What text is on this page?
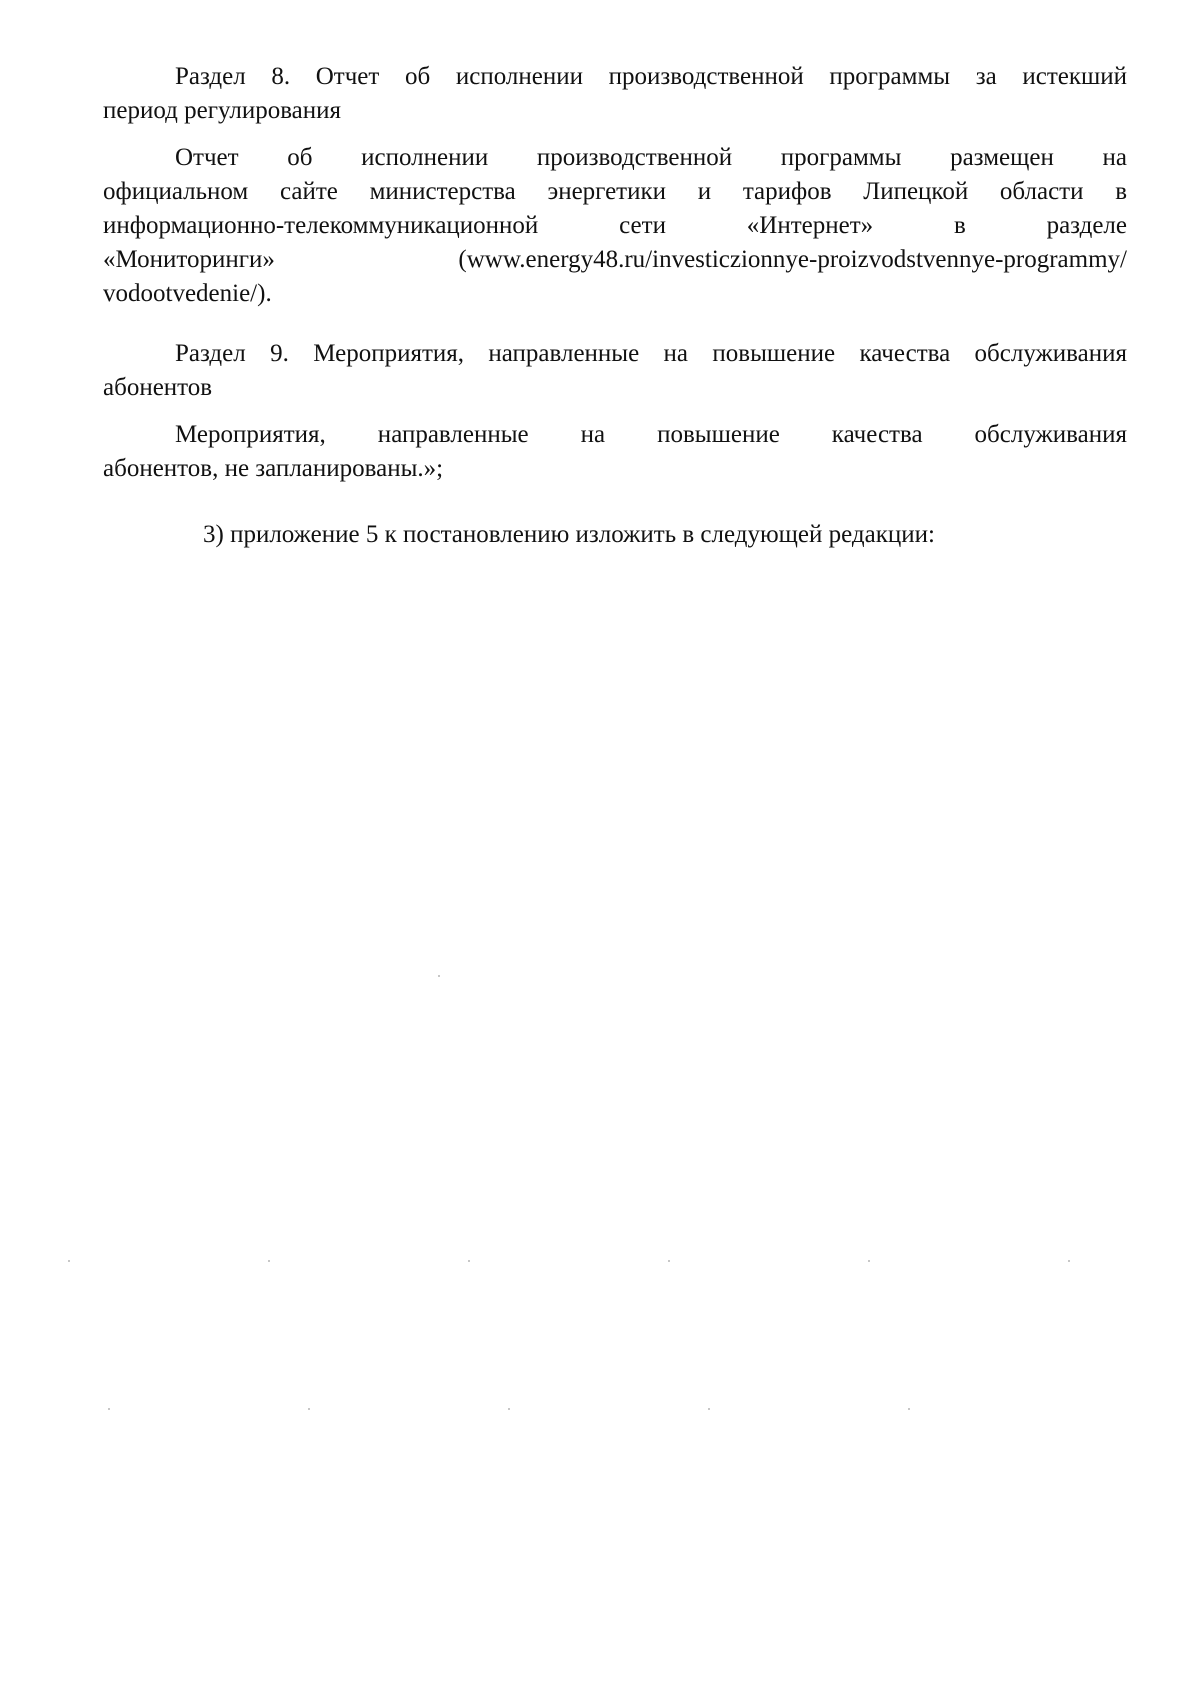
Раздел 8. Отчет об исполнении производственной программы за истекший
период регулирования
Отчет об исполнении производственной программы размещен на
официальном сайте министерства энергетики и тарифов Липецкой области в
информационно-телекоммуникационной сети «Интернет» в разделе
«Мониторинги» (www.energy48.ru/investiczionnye-proizvodstvennye-programmy/
vodootvedenie/).
Раздел 9. Мероприятия, направленные на повышение качества обслуживания
абонентов
Мероприятия, направленные на повышение качества обслуживания
абонентов, не запланированы.»;
3) приложение 5 к постановлению изложить в следующей редакции:
